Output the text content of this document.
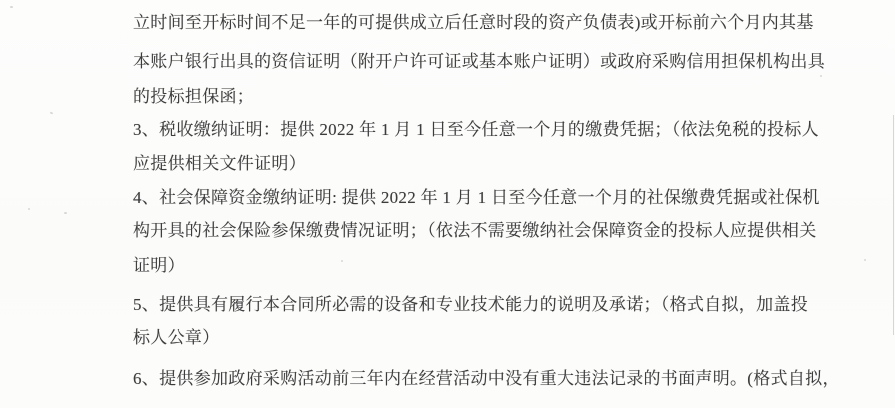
立时间至开标时间不足一年的可提供成立后任意时段的资产负债表)或开标前六个月内其基
本账户银行出具的资信证明（附开户许可证或基本账户证明）或政府采购信用担保机构出具
的投标担保函；
3、税收缴纳证明：提供 2022 年 1 月 1 日至今任意一个月的缴费凭据；（依法免税的投标人
应提供相关文件证明）
4、社会保障资金缴纳证明: 提供 2022 年 1 月 1 日至今任意一个月的社保缴费凭据或社保机
构开具的社会保险参保缴费情况证明；（依法不需要缴纳社会保障资金的投标人应提供相关
证明）
5、提供具有履行本合同所必需的设备和专业技术能力的说明及承诺；（格式自拟，加盖投
标人公章）
6、提供参加政府采购活动前三年内在经营活动中没有重大违法记录的书面声明。(格式自拟，
